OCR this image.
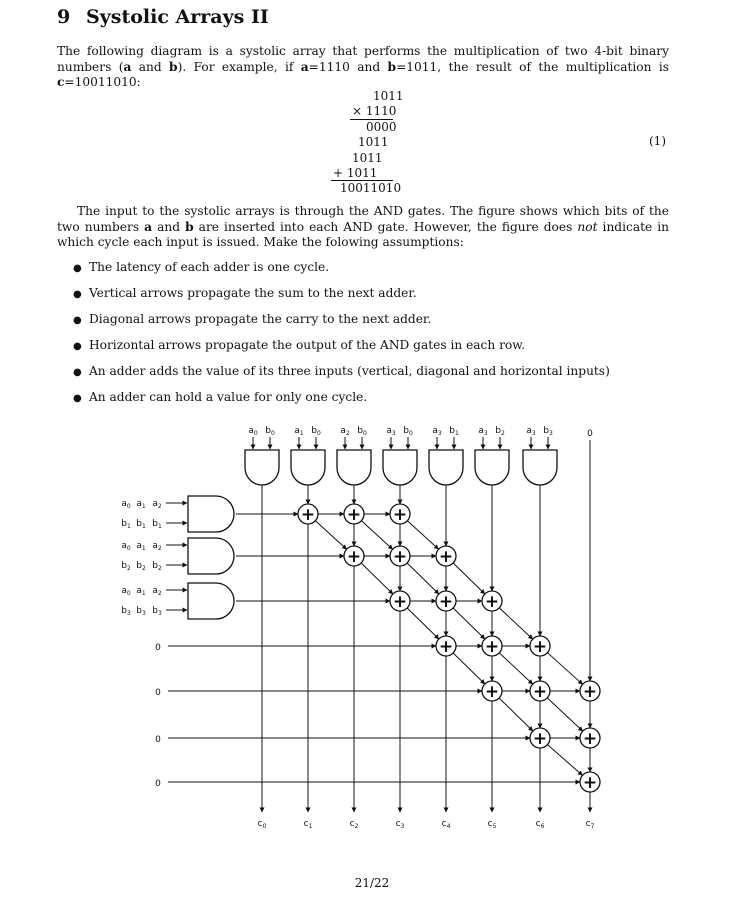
9 Systolic Arrays II
The following diagram is a systolic array that performs the multiplication of two 4-bit binary numbers (a and b). For example, if a=1110 and b=1011, the result of the multiplication is c=10011010:
1011
× 1110
0000
1011
1011
+ 1011
10011010
(1)
The input to the systolic arrays is through the AND gates. The figure shows which bits of the two numbers a and b are inserted into each AND gate. However, the figure does not indicate in which cycle each input is issued. Make the folowing assumptions:
● The latency of each adder is one cycle.
● Vertical arrows propagate the sum to the next adder.
● Diagonal arrows propagate the carry to the next adder.
● Horizontal arrows propagate the output of the AND gates in each row.
● An adder adds the value of its three inputs (vertical, diagonal and horizontal inputs)
● An adder can hold a value for only one cycle.
$a_0$ $b_0$ $a_1$ $b_0$ $a_2$ $b_0$ $a_3$ $b_0$ $a_3$ $b_1$ $a_3$ $b_2$ $a_3$ $b_3$	0
$a_0$
$b_1$
$a_1$
$b_1$
$a_2$
$b_1$
$a_0$
$b_2$
$a_1$
$b_2$
$a_2$
$b_2$
$a_0$
$b_3$
$a_1$
$b_3$
$a_2$
$b_3$
0
0
0
0
$c_0$	$c_1$	$c_2$	$c_3$	$c_4$	$c_5$	$c_6$	$c_7$
+ + +
+ + +
+ + +
+ + +
+ + +
+ +
+
21/22
